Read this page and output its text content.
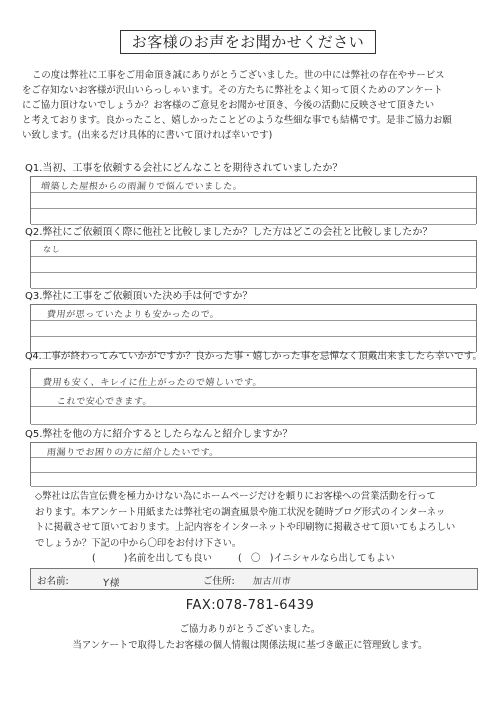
お客様のお声をお聞かせください

この度は弊社に工事をご用命頂き誠にありがとうございました。世の中には弊社の存在やサービス

をご存知ないお客様が沢山いらっしゃいます。その方たちに弊社をよく知って頂くためのアンケート

にご協力頂けないでしょうか？お客様のご意見をお聞かせ頂き、今後の活動に反映させて頂きたい

と考えております。良かったこと、嬉しかったことどのような些細な事でも結構です。是非ご協力お願

い致します。(出来るだけ具体的に書いて頂ければ幸いです)

Q1.当初、工事を依頼する会社にどんなことを期待されていましたか？
増築した屋根からの雨漏りで悩んでいました。
Q2.弊社にご依頼頂く際に他社と比較しましたか？した方はどこの会社と比較しましたか？
なし
Q3.弊社に工事をご依頼頂いた決め手は何ですか？
費用が思っていたよりも安かったので。
Q4.工事が終わってみていかがですか？良かった事・嬉しかった事を忌憚なく頂戴出来ましたら幸いです。
費用も安く、キレイに仕上がったので嬉しいです。
これで安心できます。
Q5.弊社を他の方に紹介するとしたらなんと紹介しますか？
雨漏りでお困りの方に紹介したいです。

◇弊社は広告宣伝費を極力かけない為にホームページだけを頼りにお客様への営業活動を行って

おります。本アンケート用紙または弊社宅の調査風景や施工状況を随時ブログ形式のインターネッ

トに掲載させて頂いております。上記内容をインターネットや印刷物に掲載させて頂いてもよろしい

でしょうか？下記の中から〇印をお付け下さい。

(　　　)名前を出しても良い	(　〇　)イニシャルなら出してもよい
お名前:	Y様	ご住所: 加古川市
FAX:078-781-6439
ご協力ありがとうございました。
当アンケートで取得したお客様の個人情報は関係法規に基づき厳正に管理致します。
